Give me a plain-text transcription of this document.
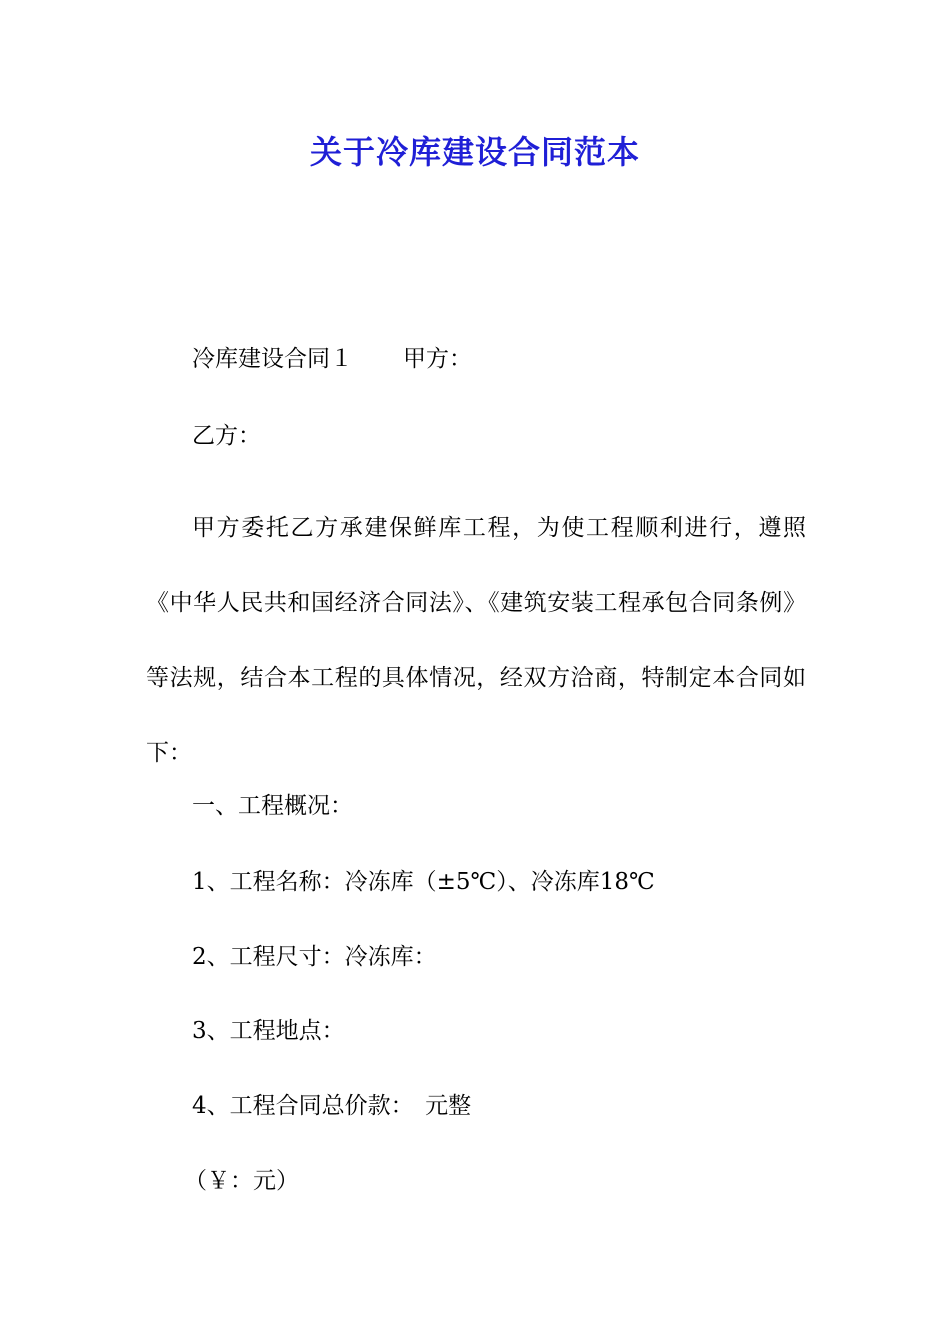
关于冷库建设合同范本
冷库建设合同１ 甲方：
乙方：
甲方委托乙方承建保鲜库工程，为使工程顺利进行，遵照《中华人民共和国经济合同法》、《建筑安装工程承包合同条例》等法规，结合本工程的具体情况，经双方洽商，特制定本合同如下：
一、工程概况：
1、工程名称：冷冻库（±5℃）、冷冻库18℃
2、工程尺寸：冷冻库：
3、工程地点：
4、工程合同总价款：　元整
（￥：元）
